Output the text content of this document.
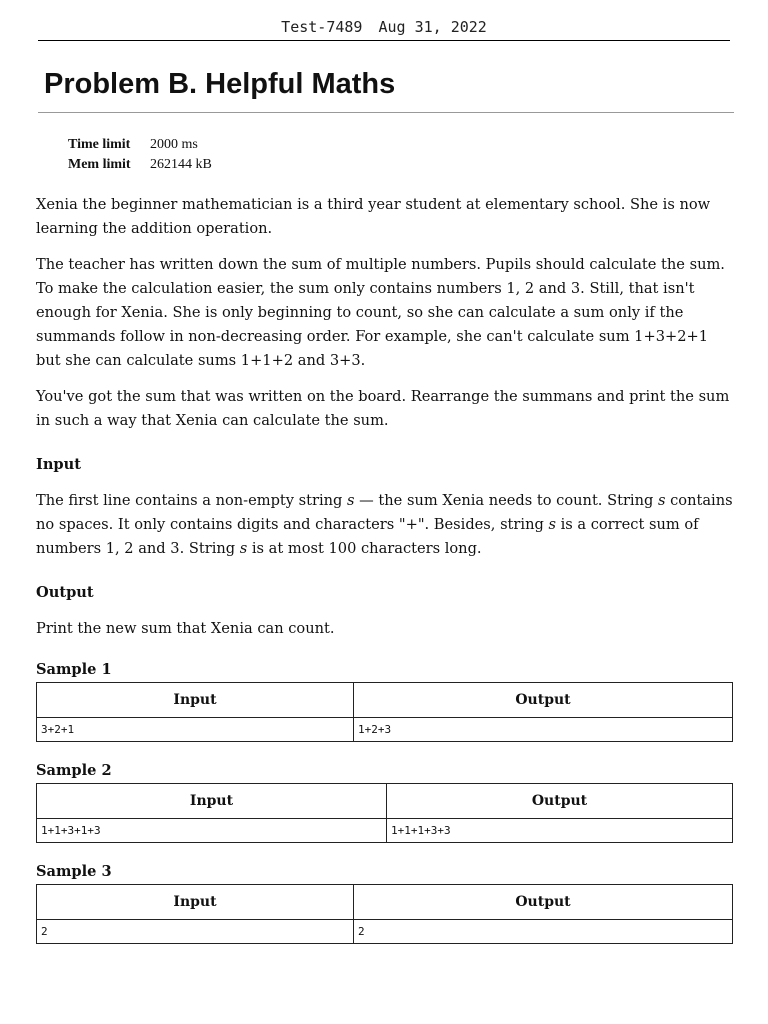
Test-7489 Aug 31, 2022
Problem B. Helpful Maths
Time limit 2000 ms
Mem limit 262144 kB

Xenia the beginner mathematician is a third year student at elementary school. She is now learning the addition operation.

The teacher has written down the sum of multiple numbers. Pupils should calculate the sum. To make the calculation easier, the sum only contains numbers 1, 2 and 3. Still, that isn't enough for Xenia. She is only beginning to count, so she can calculate a sum only if the summands follow in non-decreasing order. For example, she can't calculate sum 1+3+2+1 but she can calculate sums 1+1+2 and 3+3.

You've got the sum that was written on the board. Rearrange the summans and print the sum in such a way that Xenia can calculate the sum.

Input

The first line contains a non-empty string s — the sum Xenia needs to count. String s contains no spaces. It only contains digits and characters "+". Besides, string s is a correct sum of numbers 1, 2 and 3. String s is at most 100 characters long.

Output

Print the new sum that Xenia can count.

Sample 1

Input	Output
3+2+1	1+2+3

Sample 2

Input	Output
1+1+3+1+3	1+1+1+3+3

Sample 3

Input	Output
2	2
